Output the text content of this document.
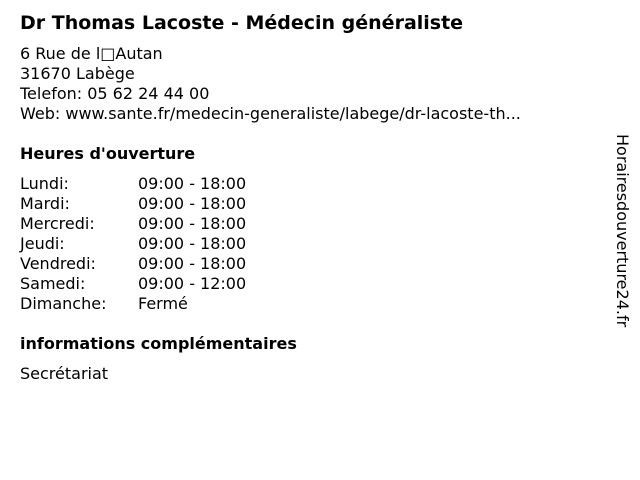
Dr Thomas Lacoste - Médecin généraliste
6 Rue de l□Autan
31670 Labège
Telefon: 05 62 24 44 00
Web: www.sante.fr/medecin-generaliste/labege/dr-lacoste-th...
Heures d'ouverture
Lundi:	09:00 - 18:00
Mardi:	09:00 - 18:00
Mercredi:	09:00 - 18:00
Jeudi:	09:00 - 18:00
Vendredi:	09:00 - 18:00
Samedi:	09:00 - 12:00
Dimanche:	Fermé
informations complémentaires
Secrétariat
Horairesdouverture24.fr
